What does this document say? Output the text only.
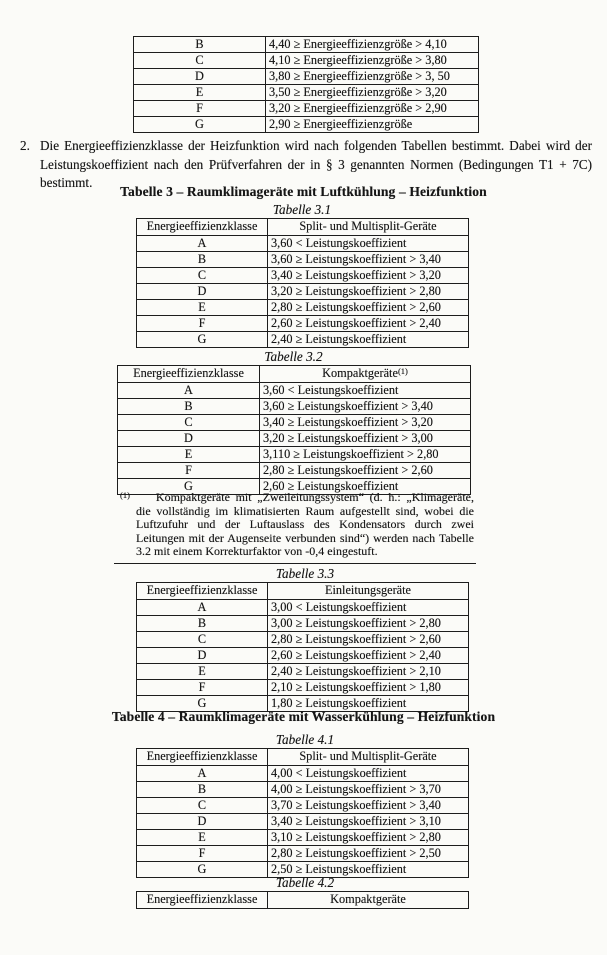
B	4,40 ≥ Energieeffizienzgröße > 4,10
C	4,10 ≥ Energieeffizienzgröße > 3,80
D	3,80 ≥ Energieeffizienzgröße > 3, 50
E	3,50 ≥ Energieeffizienzgröße > 3,20
F	3,20 ≥ Energieeffizienzgröße > 2,90
G	2,90 ≥ Energieeffizienzgröße
2. Die Energieeffizienzklasse der Heizfunktion wird nach folgenden Tabellen bestimmt. Dabei wird der Leistungskoeffizient nach den Prüfverfahren der in § 3 genannten Normen (Bedingungen T1 + 7C) bestimmt.
Tabelle 3 – Raumklimageräte mit Luftkühlung – Heizfunktion
Tabelle 3.1
Energieeffizienzklasse	Split- und Multisplit-Geräte
A	3,60 < Leistungskoeffizient
B	3,60 ≥ Leistungskoeffizient > 3,40
C	3,40 ≥ Leistungskoeffizient > 3,20
D	3,20 ≥ Leistungskoeffizient > 2,80
E	2,80 ≥ Leistungskoeffizient > 2,60
F	2,60 ≥ Leistungskoeffizient > 2,40
G	2,40 ≥ Leistungskoeffizient
Tabelle 3.2
Energieeffizienzklasse	Kompaktgeräte$^{(1)}$
A	3,60 < Leistungskoeffizient
B	3,60 ≥ Leistungskoeffizient > 3,40
C	3,40 ≥ Leistungskoeffizient > 3,20
D	3,20 ≥ Leistungskoeffizient > 3,00
E	3,110 ≥ Leistungskoeffizient > 2,80
F	2,80 ≥ Leistungskoeffizient > 2,60
G	2,60 ≥ Leistungskoeffizient
$^{(1)}$ Kompaktgeräte mit „Zweileitungssystem“ (d. h.: „Klimageräte, die vollständig im klimatisierten Raum aufgestellt sind, wobei die Luftzufuhr und der Luftauslass des Kondensators durch zwei Leitungen mit der Augenseite verbunden sind“) werden nach Tabelle 3.2 mit einem Korrekturfaktor von -0,4 eingestuft.
Tabelle 3.3
Energieeffizienzklasse	Einleitungsgeräte
A	3,00 < Leistungskoeffizient
B	3,00 ≥ Leistungskoeffizient > 2,80
C	2,80 ≥ Leistungskoeffizient > 2,60
D	2,60 ≥ Leistungskoeffizient > 2,40
E	2,40 ≥ Leistungskoeffizient > 2,10
F	2,10 ≥ Leistungskoeffizient > 1,80
G	1,80 ≥ Leistungskoeffizient
Tabelle 4 – Raumklimageräte mit Wasserkühlung – Heizfunktion
Tabelle 4.1
Energieeffizienzklasse	Split- und Multisplit-Geräte
A	4,00 < Leistungskoeffizient
B	4,00 ≥ Leistungskoeffizient > 3,70
C	3,70 ≥ Leistungskoeffizient > 3,40
D	3,40 ≥ Leistungskoeffizient > 3,10
E	3,10 ≥ Leistungskoeffizient > 2,80
F	2,80 ≥ Leistungskoeffizient > 2,50
G	2,50 ≥ Leistungskoeffizient
Tabelle 4.2
Energieeffizienzklasse	Kompaktgeräte
